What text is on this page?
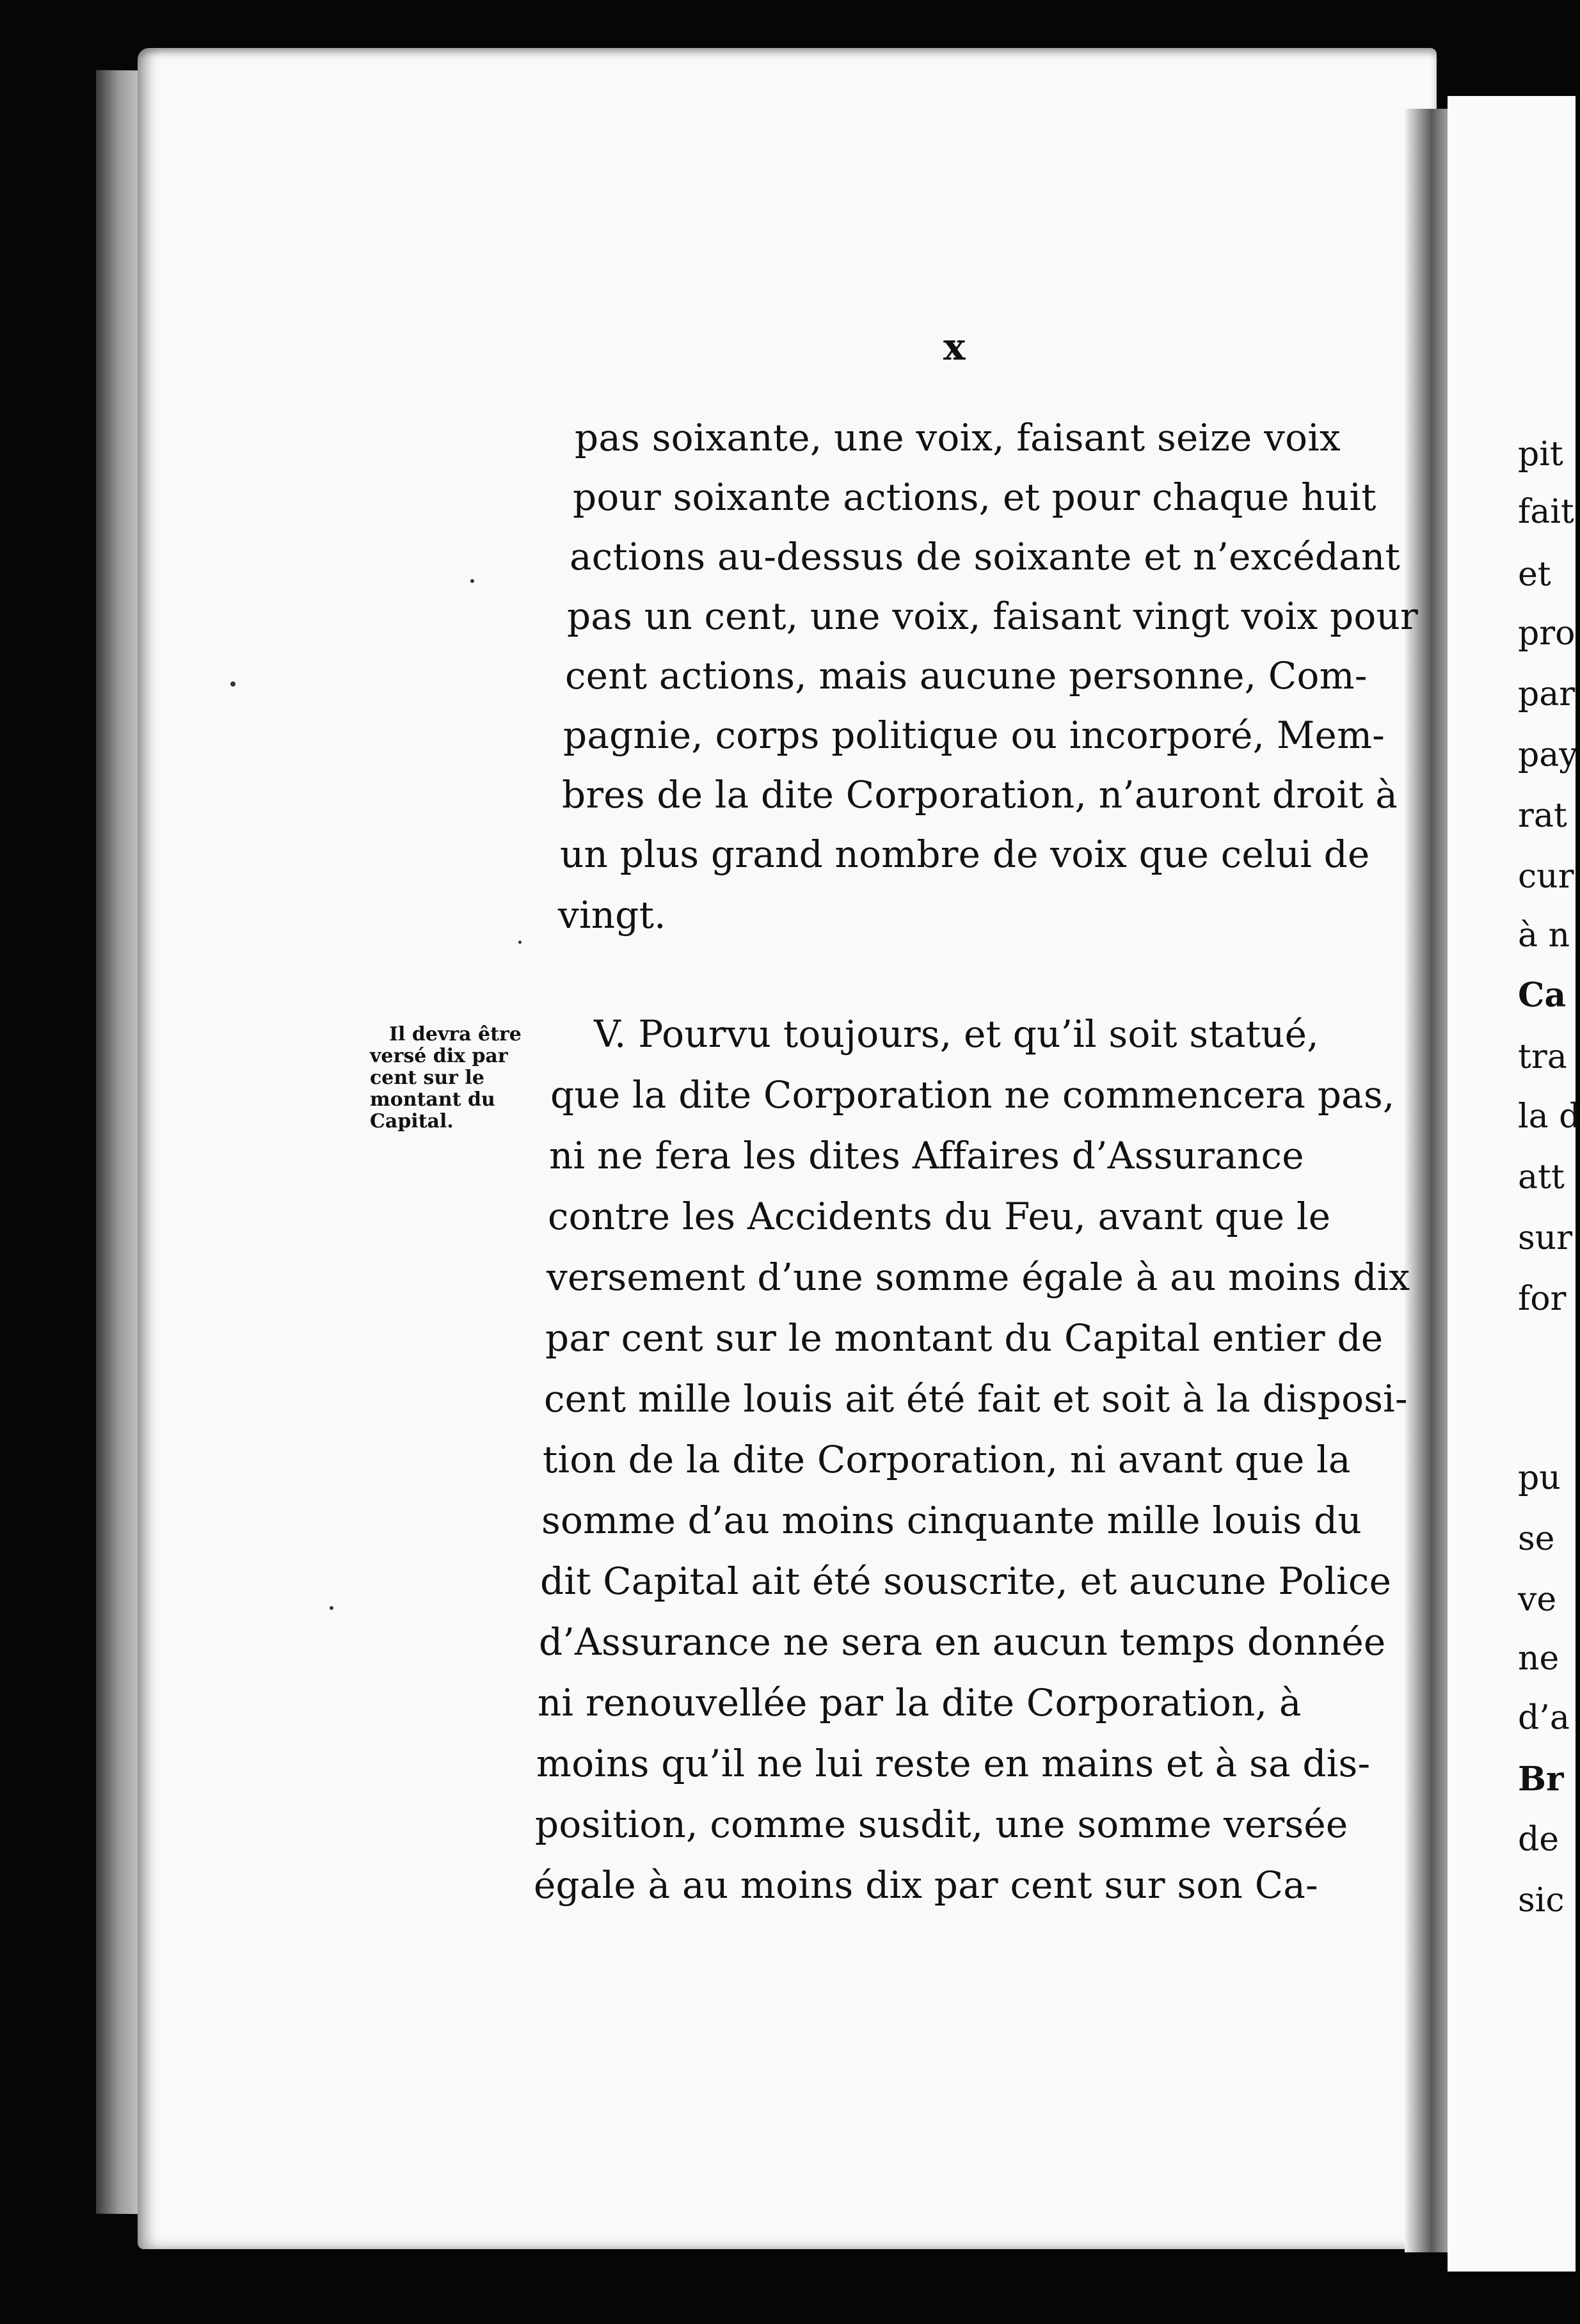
x
pas soixante, une voix, faisant seize voix
pour soixante actions, et pour chaque huit
actions au-dessus de soixante et n’excédant
pas un cent, une voix, faisant vingt voix pour
cent actions, mais aucune personne, Com-
pagnie, corps politique ou incorporé, Mem-
bres de la dite Corporation, n’auront droit à
un plus grand nombre de voix que celui de
vingt.
Il devra être
versé dix par
cent sur le
montant du
Capital.
V. Pourvu toujours, et qu’il soit statué,
que la dite Corporation ne commencera pas,
ni ne fera les dites Affaires d’Assurance
contre les Accidents du Feu, avant que le
versement d’une somme égale à au moins dix
par cent sur le montant du Capital entier de
cent mille louis ait été fait et soit à la disposi-
tion de la dite Corporation, ni avant que la
somme d’au moins cinquante mille louis du
dit Capital ait été souscrite, et aucune Police
d’Assurance ne sera en aucun temps donnée
ni renouvellée par la dite Corporation, à
moins qu’il ne lui reste en mains et à sa dis-
position, comme susdit, une somme versée
égale à au moins dix par cent sur son Ca-
pit
fait
et
pro
par
pay
rat
cur
à n
Ca
tra
la d
att
sur
for
pu
se
ve
ne
d’a
Br
de
sic
